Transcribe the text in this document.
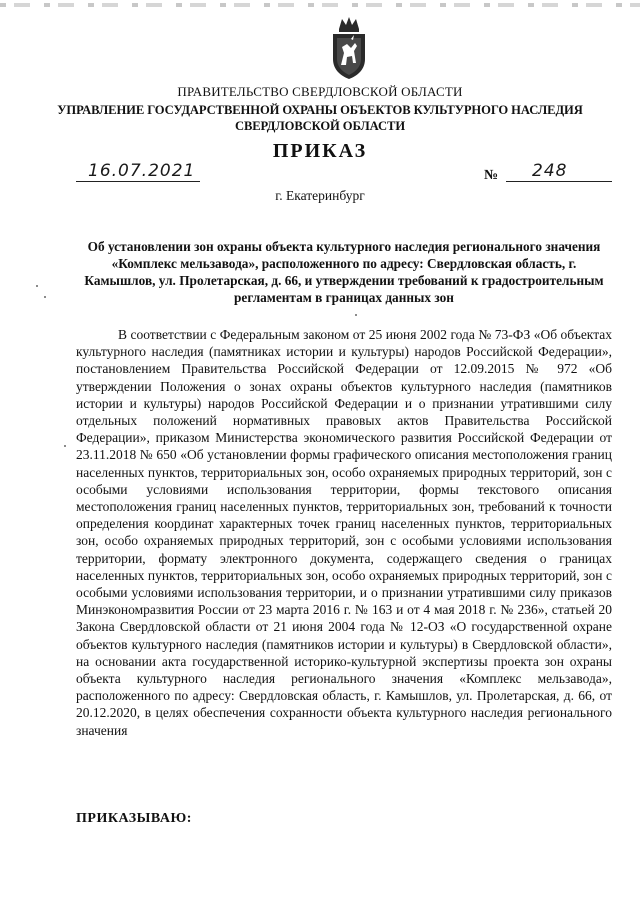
ПРАВИТЕЛЬСТВО СВЕРДЛОВСКОЙ ОБЛАСТИ
УПРАВЛЕНИЕ ГОСУДАРСТВЕННОЙ ОХРАНЫ ОБЪЕКТОВ КУЛЬТУРНОГО НАСЛЕДИЯ
СВЕРДЛОВСКОЙ ОБЛАСТИ
ПРИКАЗ
16.07.2021	№ 248
г. Екатеринбург
Об установлении зон охраны объекта культурного наследия регионального значения «Комплекс мельзавода», расположенного по адресу: Свердловская область, г. Камышлов, ул. Пролетарская, д. 66, и утверждении требований к градостроительным регламентам в границах данных зон
В соответствии с Федеральным законом от 25 июня 2002 года № 73-ФЗ «Об объектах культурного наследия (памятниках истории и культуры) народов Российской Федерации», постановлением Правительства Российской Федерации от 12.09.2015 № 972 «Об утверждении Положения о зонах охраны объектов культурного наследия (памятников истории и культуры) народов Российской Федерации и о признании утратившими силу отдельных положений нормативных правовых актов Правительства Российской Федерации», приказом Министерства экономического развития Российской Федерации от 23.11.2018 № 650 «Об установлении формы графического описания местоположения границ населенных пунктов, территориальных зон, особо охраняемых природных территорий, зон с особыми условиями использования территории, формы текстового описания местоположения границ населенных пунктов, территориальных зон, требований к точности определения координат характерных точек границ населенных пунктов, территориальных зон, особо охраняемых природных территорий, зон с особыми условиями использования территории, формату электронного документа, содержащего сведения о границах населенных пунктов, территориальных зон, особо охраняемых природных территорий, зон с особыми условиями использования территории, и о признании утратившими силу приказов Минэкономразвития России от 23 марта 2016 г. № 163 и от 4 мая 2018 г. № 236», статьей 20 Закона Свердловской области от 21 июня 2004 года № 12-ОЗ «О государственной охране объектов культурного наследия (памятников истории и культуры) в Свердловской области», на основании акта государственной историко-культурной экспертизы проекта зон охраны объекта культурного наследия регионального значения «Комплекс мельзавода», расположенного по адресу: Свердловская область, г. Камышлов, ул. Пролетарская, д. 66, от 20.12.2020, в целях обеспечения сохранности объекта культурного наследия регионального значения
ПРИКАЗЫВАЮ:
